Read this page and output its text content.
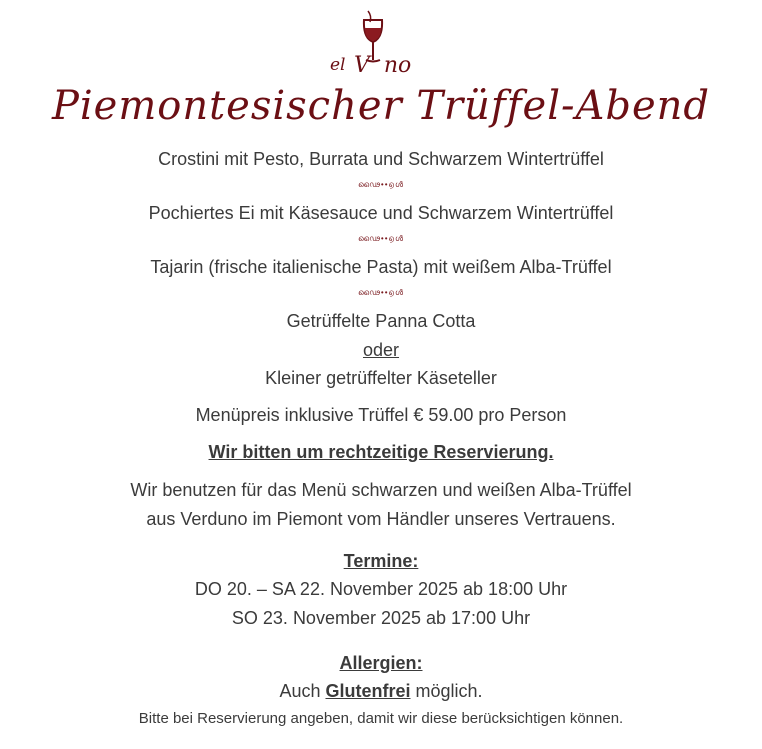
el V  no
Piemontesischer Trüffel-Abend
Crostini mit Pesto, Burrata und Schwarzem Wintertrüffel
ഢൈ••൭ൾ
Pochiertes Ei mit Käsesauce und Schwarzem Wintertrüffel
ഢൈ••൭ൾ
Tajarin (frische italienische Pasta) mit weißem Alba-Trüffel
ഢൈ••൭ൾ
Getrüffelte Panna Cotta
oder
Kleiner getrüffelter Käseteller
Menüpreis inklusive Trüffel € 59.00 pro Person
Wir bitten um rechtzeitige Reservierung.
Wir benutzen für das Menü schwarzen und weißen Alba-Trüffel
aus Verduno im Piemont vom Händler unseres Vertrauens.
Termine:
DO 20. – SA 22. November 2025 ab 18:00 Uhr
SO 23. November 2025 ab 17:00 Uhr
Allergien:
Auch Glutenfrei möglich.
Bitte bei Reservierung angeben, damit wir diese berücksichtigen können.
